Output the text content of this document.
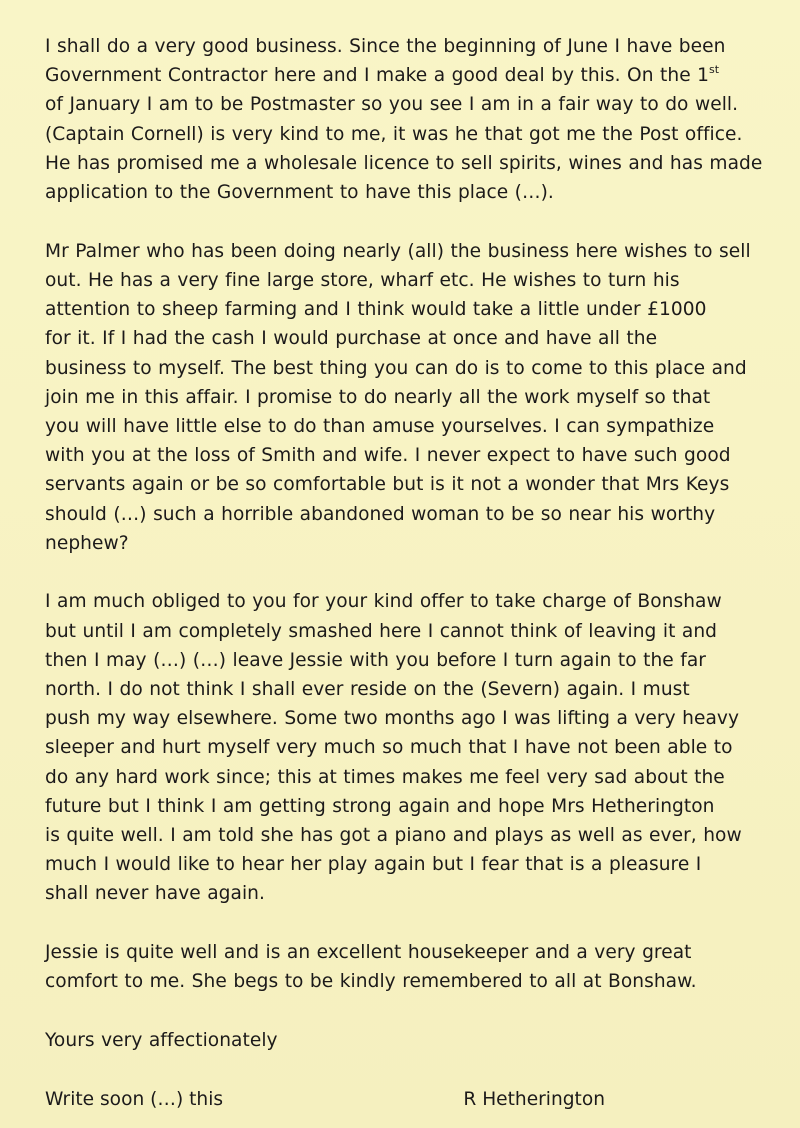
I shall do a very good business. Since the beginning of June I have been
Government Contractor here and I make a good deal by this. On the 1st
of January I am to be Postmaster so you see I am in a fair way to do well.
(Captain Cornell) is very kind to me, it was he that got me the Post office.
He has promised me a wholesale licence to sell spirits, wines and has made
application to the Government to have this place (…).

Mr Palmer who has been doing nearly (all) the business here wishes to sell
out. He has a very fine large store, wharf etc. He wishes to turn his
attention to sheep farming and I think would take a little under £1000
for it. If I had the cash I would purchase at once and have all the
business to myself. The best thing you can do is to come to this place and
join me in this affair. I promise to do nearly all the work myself so that
you will have little else to do than amuse yourselves. I can sympathize
with you at the loss of Smith and wife. I never expect to have such good
servants again or be so comfortable but is it not a wonder that Mrs Keys
should (…) such a horrible abandoned woman to be so near his worthy
nephew?

I am much obliged to you for your kind offer to take charge of Bonshaw
but until I am completely smashed here I cannot think of leaving it and
then I may (…) (…) leave Jessie with you before I turn again to the far
north. I do not think I shall ever reside on the (Severn) again. I must
push my way elsewhere. Some two months ago I was lifting a very heavy
sleeper and hurt myself very much so much that I have not been able to
do any hard work since; this at times makes me feel very sad about the
future but I think I am getting strong again and hope Mrs Hetherington
is quite well. I am told she has got a piano and plays as well as ever, how
much I would like to hear her play again but I fear that is a pleasure I
shall never have again.

Jessie is quite well and is an excellent housekeeper and a very great
comfort to me. She begs to be kindly remembered to all at Bonshaw.

Yours very affectionately

Write soon (…) this	R Hetherington
